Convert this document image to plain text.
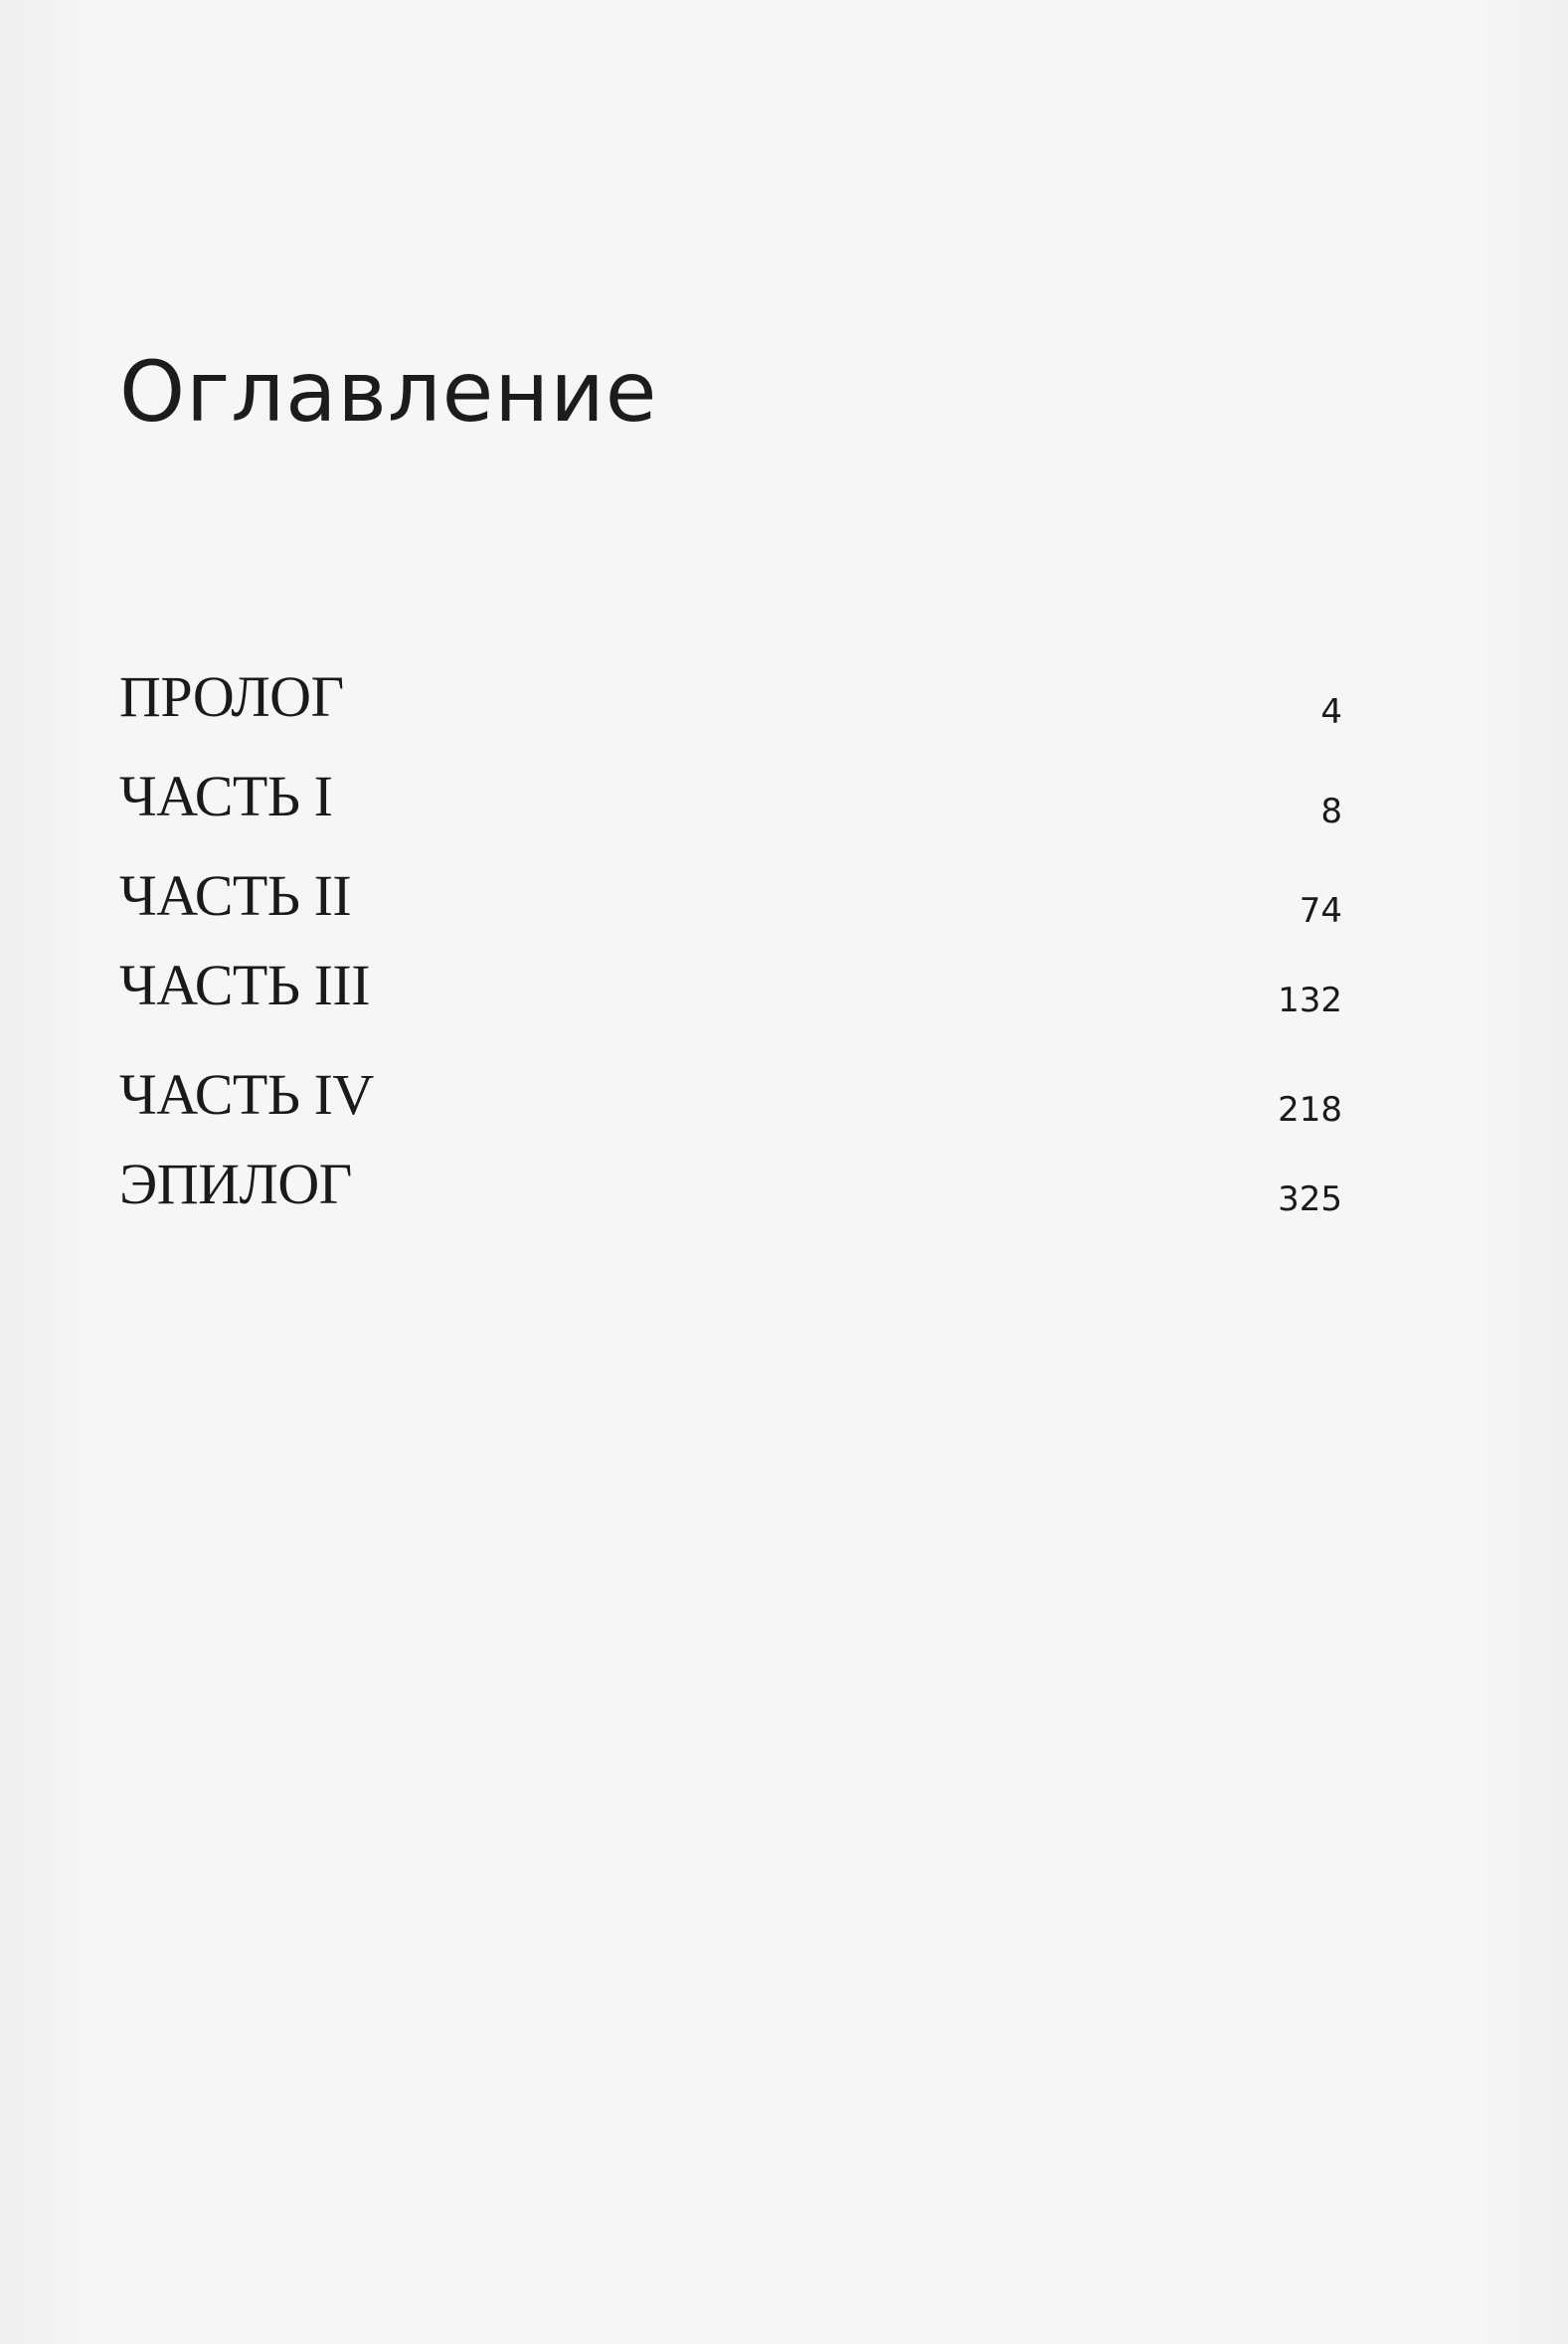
Оглавление
ПРОЛОГ	4
ЧАСТЬ I	8
ЧАСТЬ II	74
ЧАСТЬ III	132
ЧАСТЬ IV	218
ЭПИЛОГ	325
